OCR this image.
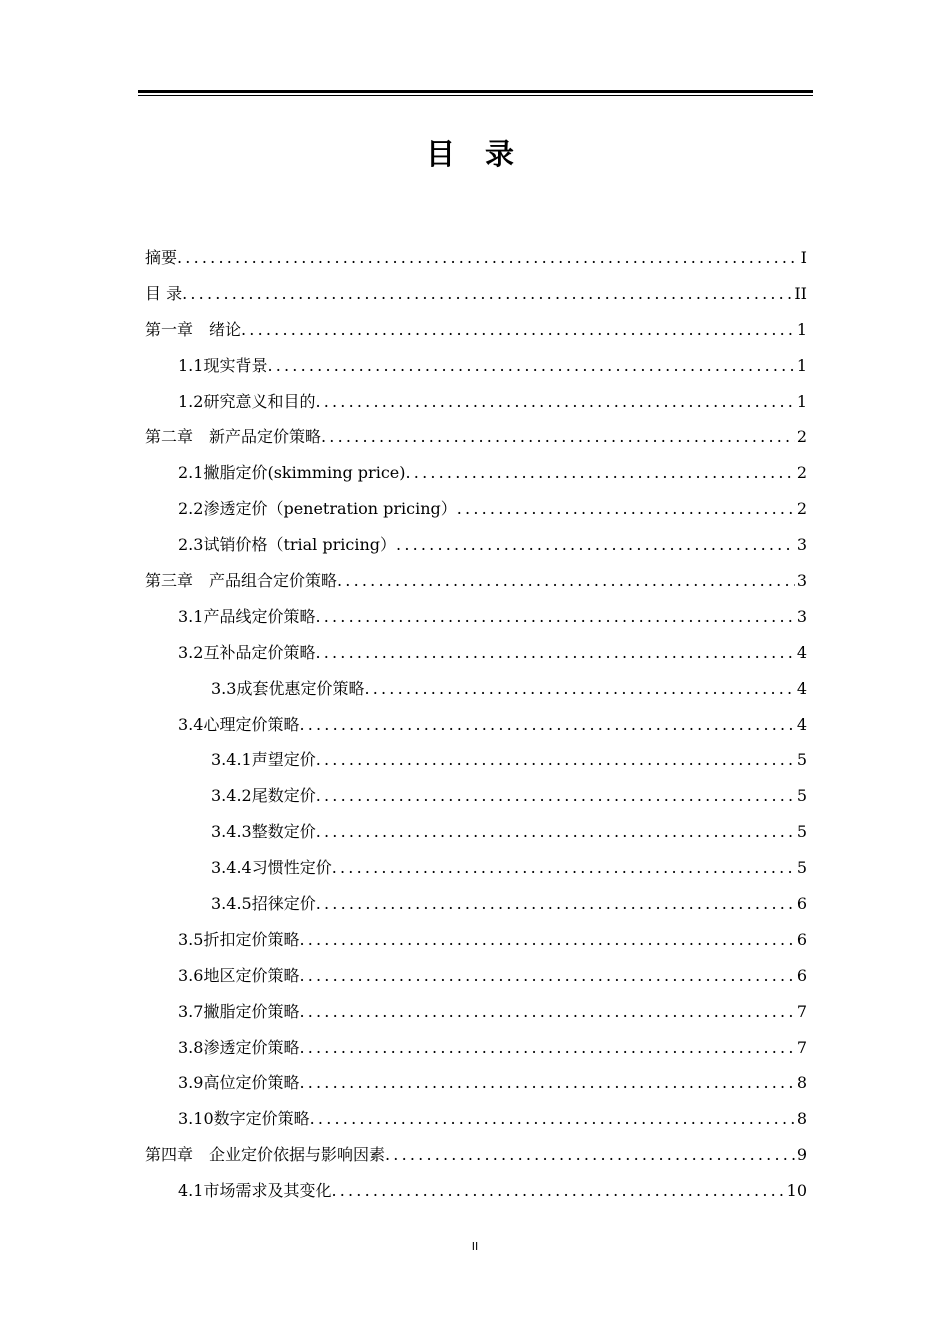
目 录
摘要 .....	I
目 录 .....	II
第一章　绪论 .....	1
1.1现实背景 .....	1
1.2研究意义和目的 .....	1
第二章　新产品定价策略 .....	2
2.1撇脂定价(skimming price) .....	2
2.2渗透定价（penetration pricing） .....	2
2.3试销价格（trial pricing） .....	3
第三章　产品组合定价策略 .....	3
3.1产品线定价策略 .....	3
3.2互补品定价策略 .....	4
3.3成套优惠定价策略 .....	4
3.4心理定价策略 .....	4
3.4.1声望定价 .....	5
3.4.2尾数定价 .....	5
3.4.3整数定价 .....	5
3.4.4习惯性定价 .....	5
3.4.5招徕定价 .....	6
3.5折扣定价策略 .....	6
3.6地区定价策略 .....	6
3.7撇脂定价策略 .....	7
3.8渗透定价策略 .....	7
3.9高位定价策略 .....	8
3.10数字定价策略 .....	8
第四章　企业定价依据与影响因素 .....	9
4.1市场需求及其变化 .....	10
II
